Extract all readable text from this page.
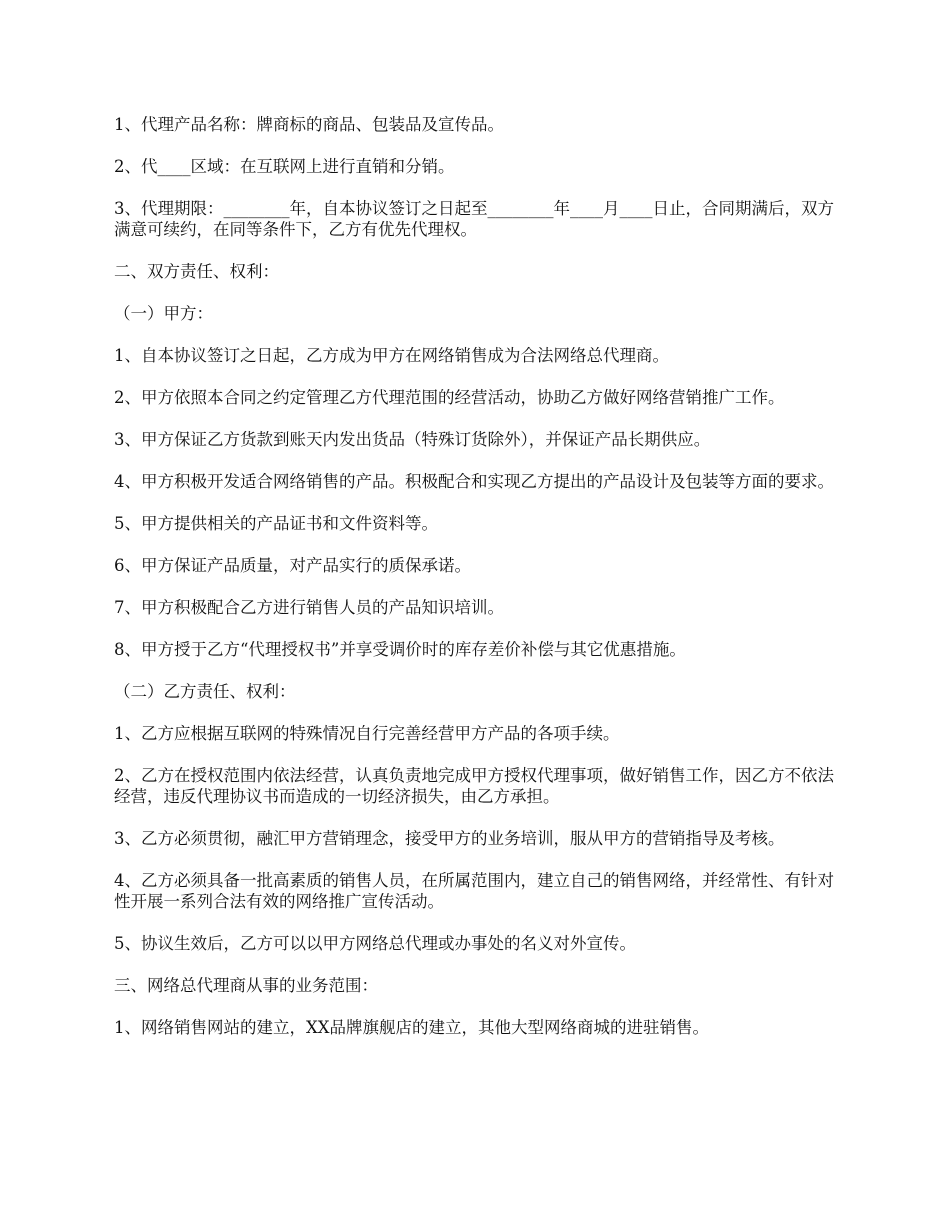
1、代理产品名称：牌商标的商品、包装品及宣传品。

2、代____区域：在互联网上进行直销和分销。

3、代理期限：________年，自本协议签订之日起至________年____月____日止，合同期满后，双方满意可续约，在同等条件下，乙方有优先代理权。

二、双方责任、权利：

（一）甲方：

1、自本协议签订之日起，乙方成为甲方在网络销售成为合法网络总代理商。

2、甲方依照本合同之约定管理乙方代理范围的经营活动，协助乙方做好网络营销推广工作。

3、甲方保证乙方货款到账天内发出货品（特殊订货除外），并保证产品长期供应。

4、甲方积极开发适合网络销售的产品。积极配合和实现乙方提出的产品设计及包装等方面的要求。

5、甲方提供相关的产品证书和文件资料等。

6、甲方保证产品质量，对产品实行的质保承诺。

7、甲方积极配合乙方进行销售人员的产品知识培训。

8、甲方授于乙方“代理授权书”并享受调价时的库存差价补偿与其它优惠措施。

（二）乙方责任、权利：

1、乙方应根据互联网的特殊情况自行完善经营甲方产品的各项手续。

2、乙方在授权范围内依法经营，认真负责地完成甲方授权代理事项，做好销售工作，因乙方不依法经营，违反代理协议书而造成的一切经济损失，由乙方承担。

3、乙方必须贯彻，融汇甲方营销理念，接受甲方的业务培训，服从甲方的营销指导及考核。

4、乙方必须具备一批高素质的销售人员，在所属范围内，建立自己的销售网络，并经常性、有针对性开展一系列合法有效的网络推广宣传活动。

5、协议生效后，乙方可以以甲方网络总代理或办事处的名义对外宣传。

三、网络总代理商从事的业务范围：

1、网络销售网站的建立，XX品牌旗舰店的建立，其他大型网络商城的进驻销售。
